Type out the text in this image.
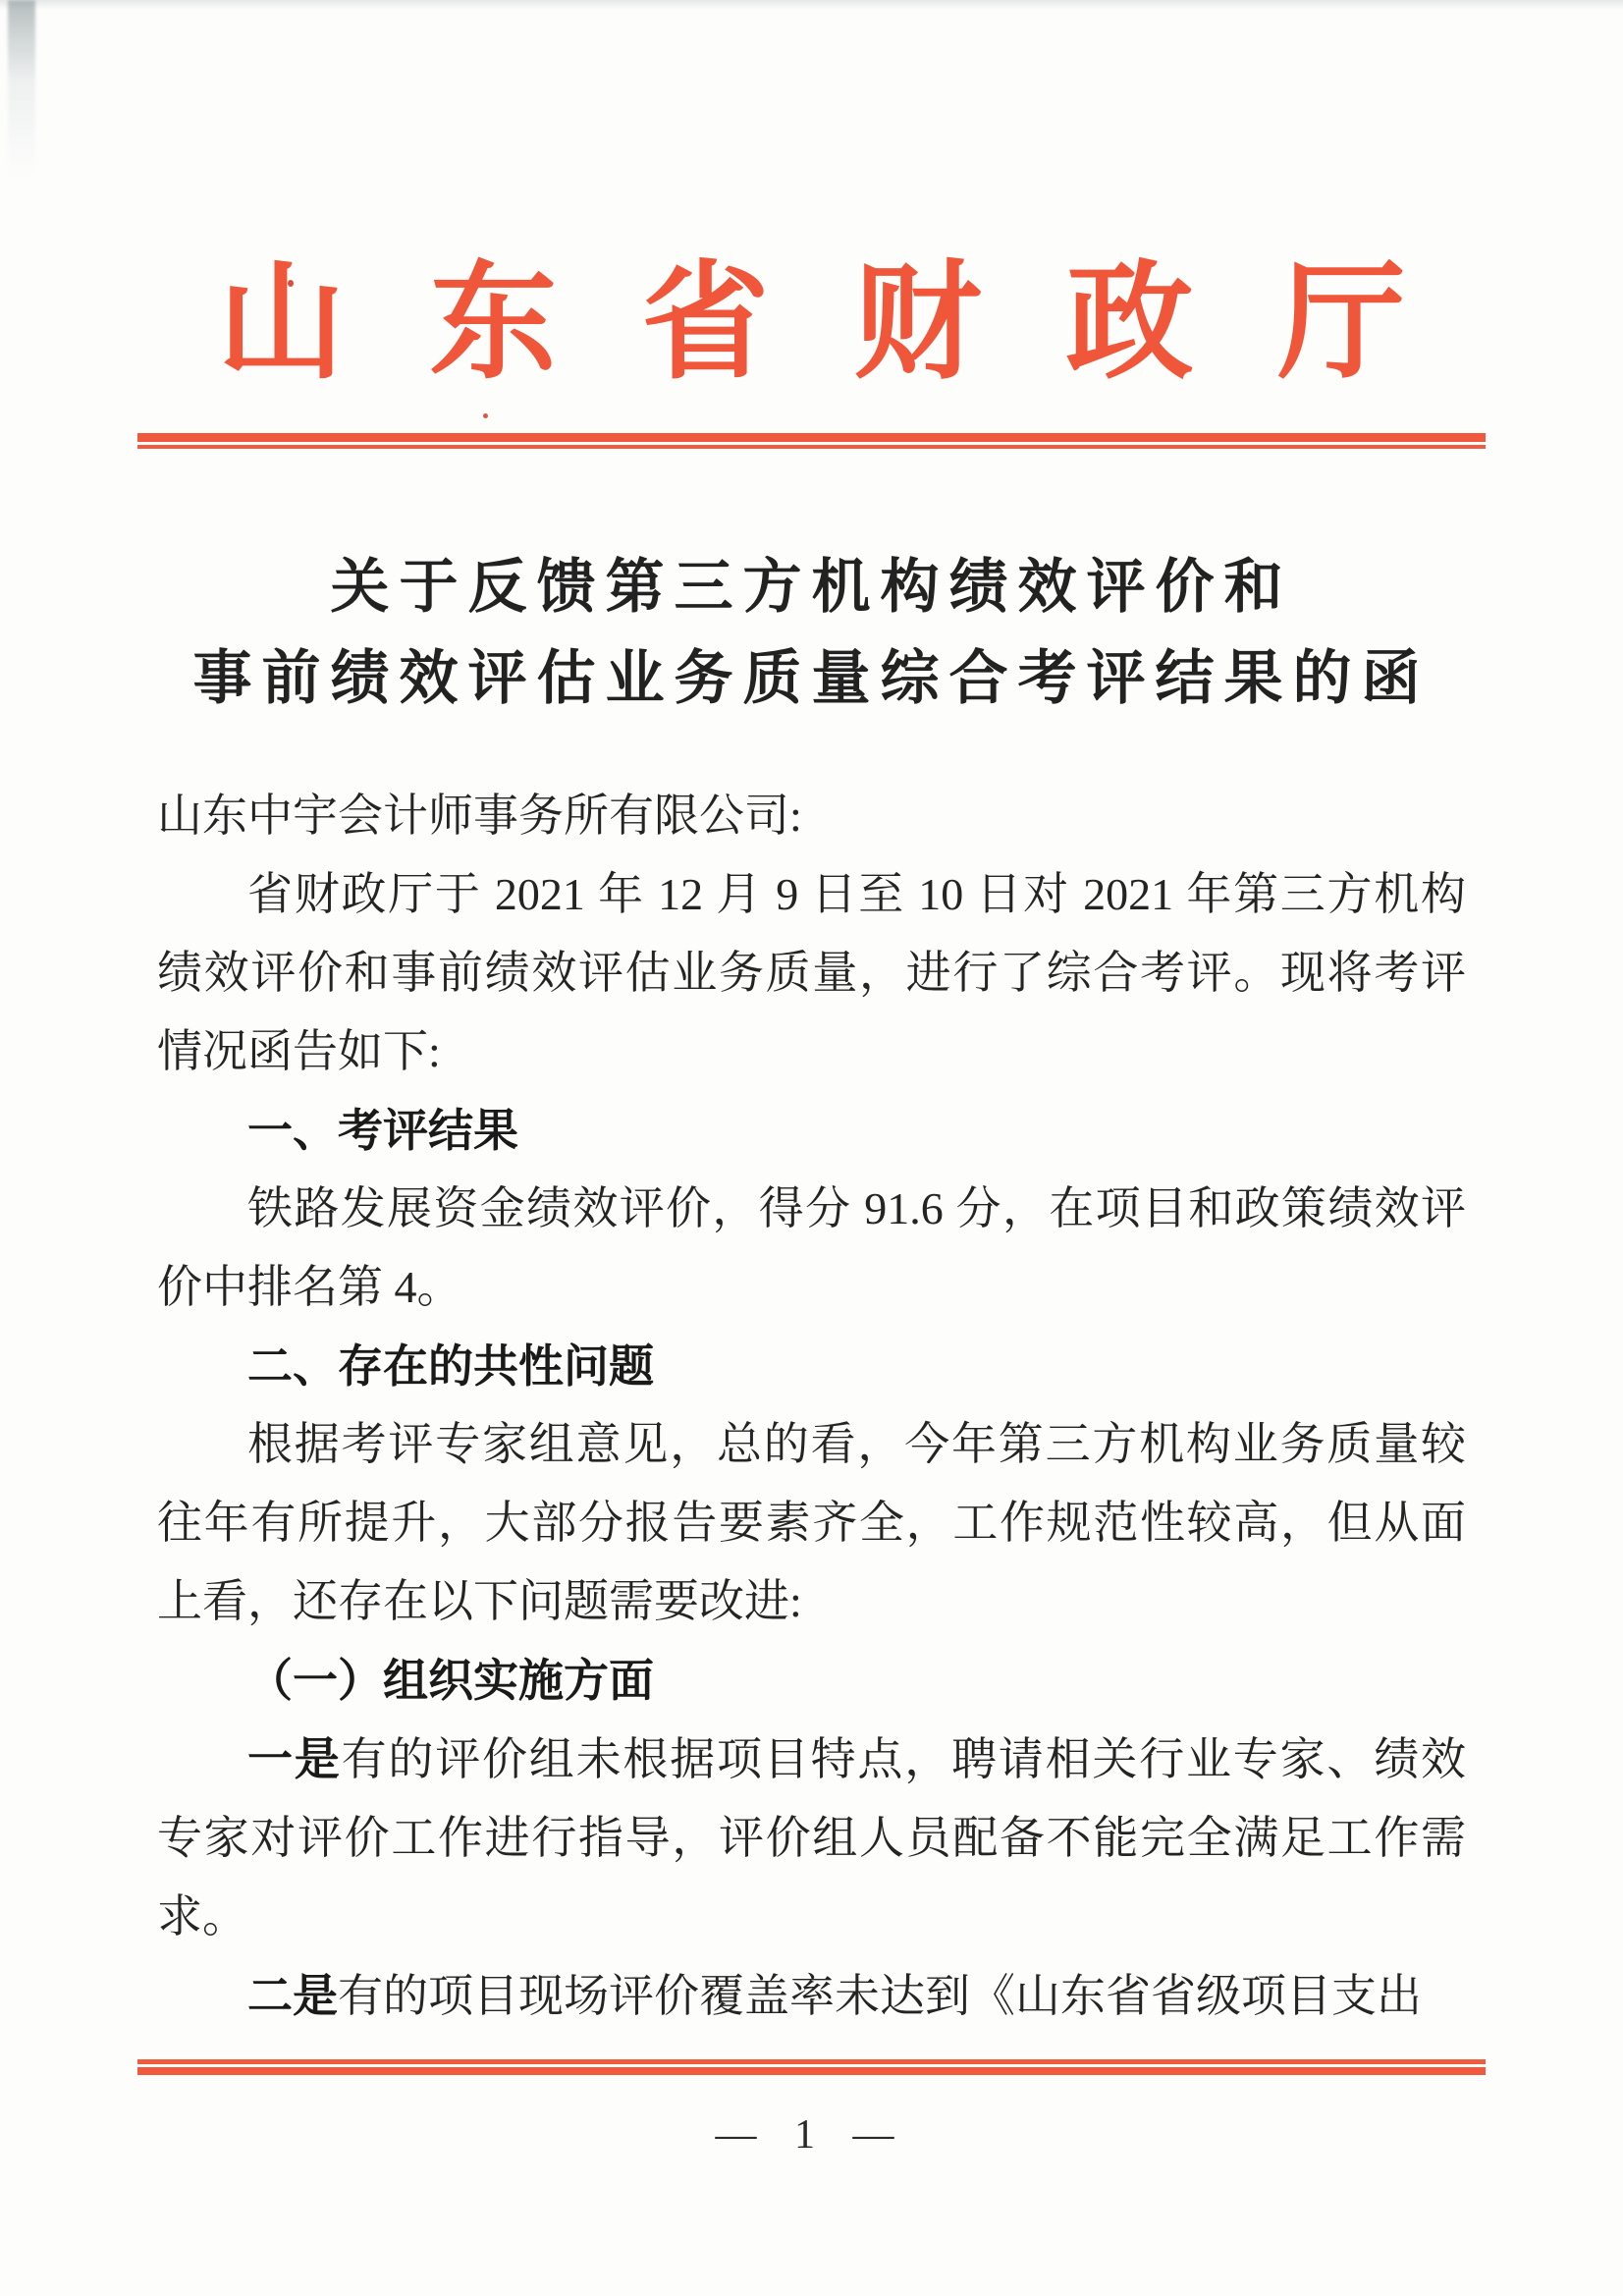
山东省财政厅
关于反馈第三方机构绩效评价和
事前绩效评估业务质量综合考评结果的函

山东中宇会计师事务所有限公司:

省财政厅于 2021 年 12 月 9 日至 10 日对 2021 年第三方机构绩效评价和事前绩效评估业务质量，进行了综合考评。现将考评情况函告如下:

一、考评结果

铁路发展资金绩效评价，得分 91.6 分，在项目和政策绩效评价中排名第 4。

二、存在的共性问题

根据考评专家组意见，总的看，今年第三方机构业务质量较往年有所提升，大部分报告要素齐全，工作规范性较高，但从面上看，还存在以下问题需要改进:

（一）组织实施方面

一是有的评价组未根据项目特点，聘请相关行业专家、绩效专家对评价工作进行指导，评价组人员配备不能完全满足工作需求。

二是有的项目现场评价覆盖率未达到《山东省省级项目支出

— 1 —
